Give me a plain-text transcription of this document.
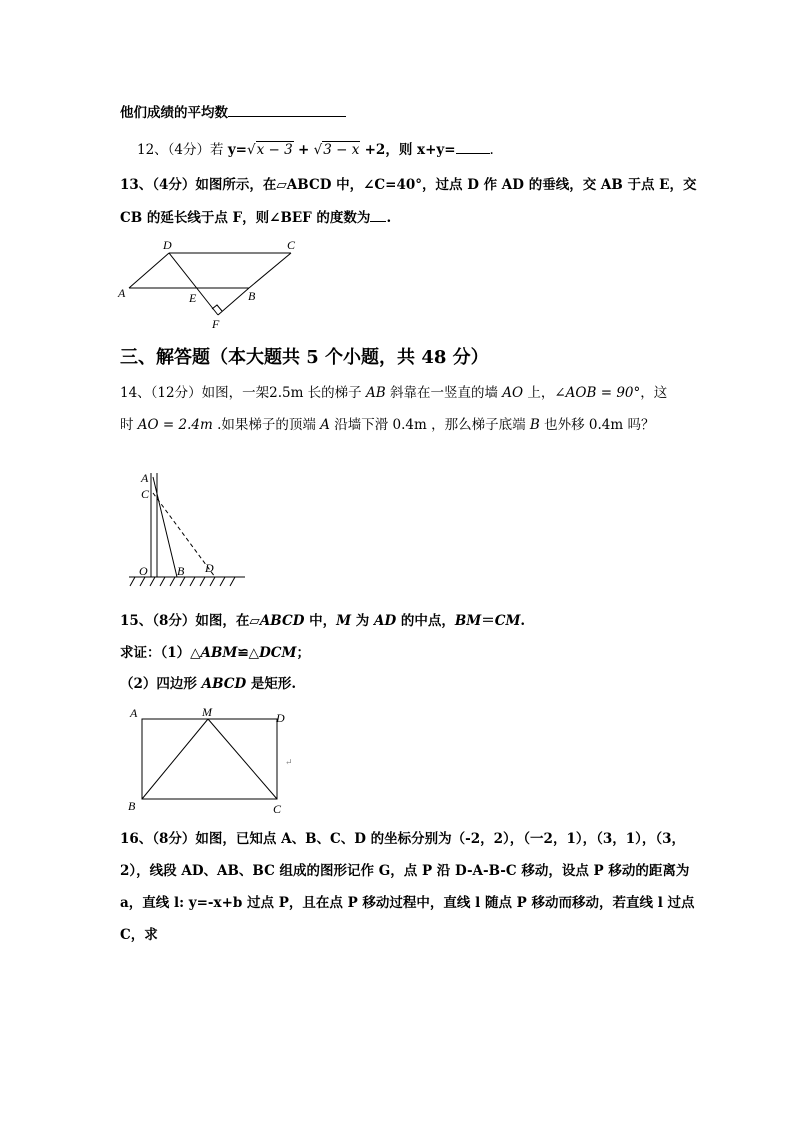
他们成绩的平均数
12、（4分）若 y=√x − 3 + √3 − x +2，则 x+y=	.
13、（4分）如图所示，在▱ABCD 中，∠C=40°，过点 D 作 AD 的垂线，交 AB 于点 E，交
CB 的延长线于点 F，则∠BEF 的度数为 .
D	C
A	E	B
F
三、解答题（本大题共 5 个小题，共 48 分）
14、（12分）如图，一架2.5m 长的梯子 AB 斜靠在一竖直的墙 AO 上，∠AOB = 90°，这
时 AO = 2.4m .如果梯子的顶端 A 沿墙下滑 0.4m ，那么梯子底端 B 也外移 0.4m 吗？
A
C
O B D
15、（8分）如图，在▱ABCD 中，M 为 AD 的中点，BM＝CM.
求证：（1）△ABM≌△DCM；
（2）四边形 ABCD 是矩形.
A	M	D
B	C
↵
16、（8分）如图，已知点 A、B、C、D 的坐标分别为（-2，2），（一2，1），（3，1），（3，
2），线段 AD、AB、BC 组成的图形记作 G，点 P 沿 D-A-B-C 移动，设点 P 移动的距离为
a，直线 l: y=-x+b 过点 P，且在点 P 移动过程中，直线 l 随点 P 移动而移动，若直线 l 过点
C，求
